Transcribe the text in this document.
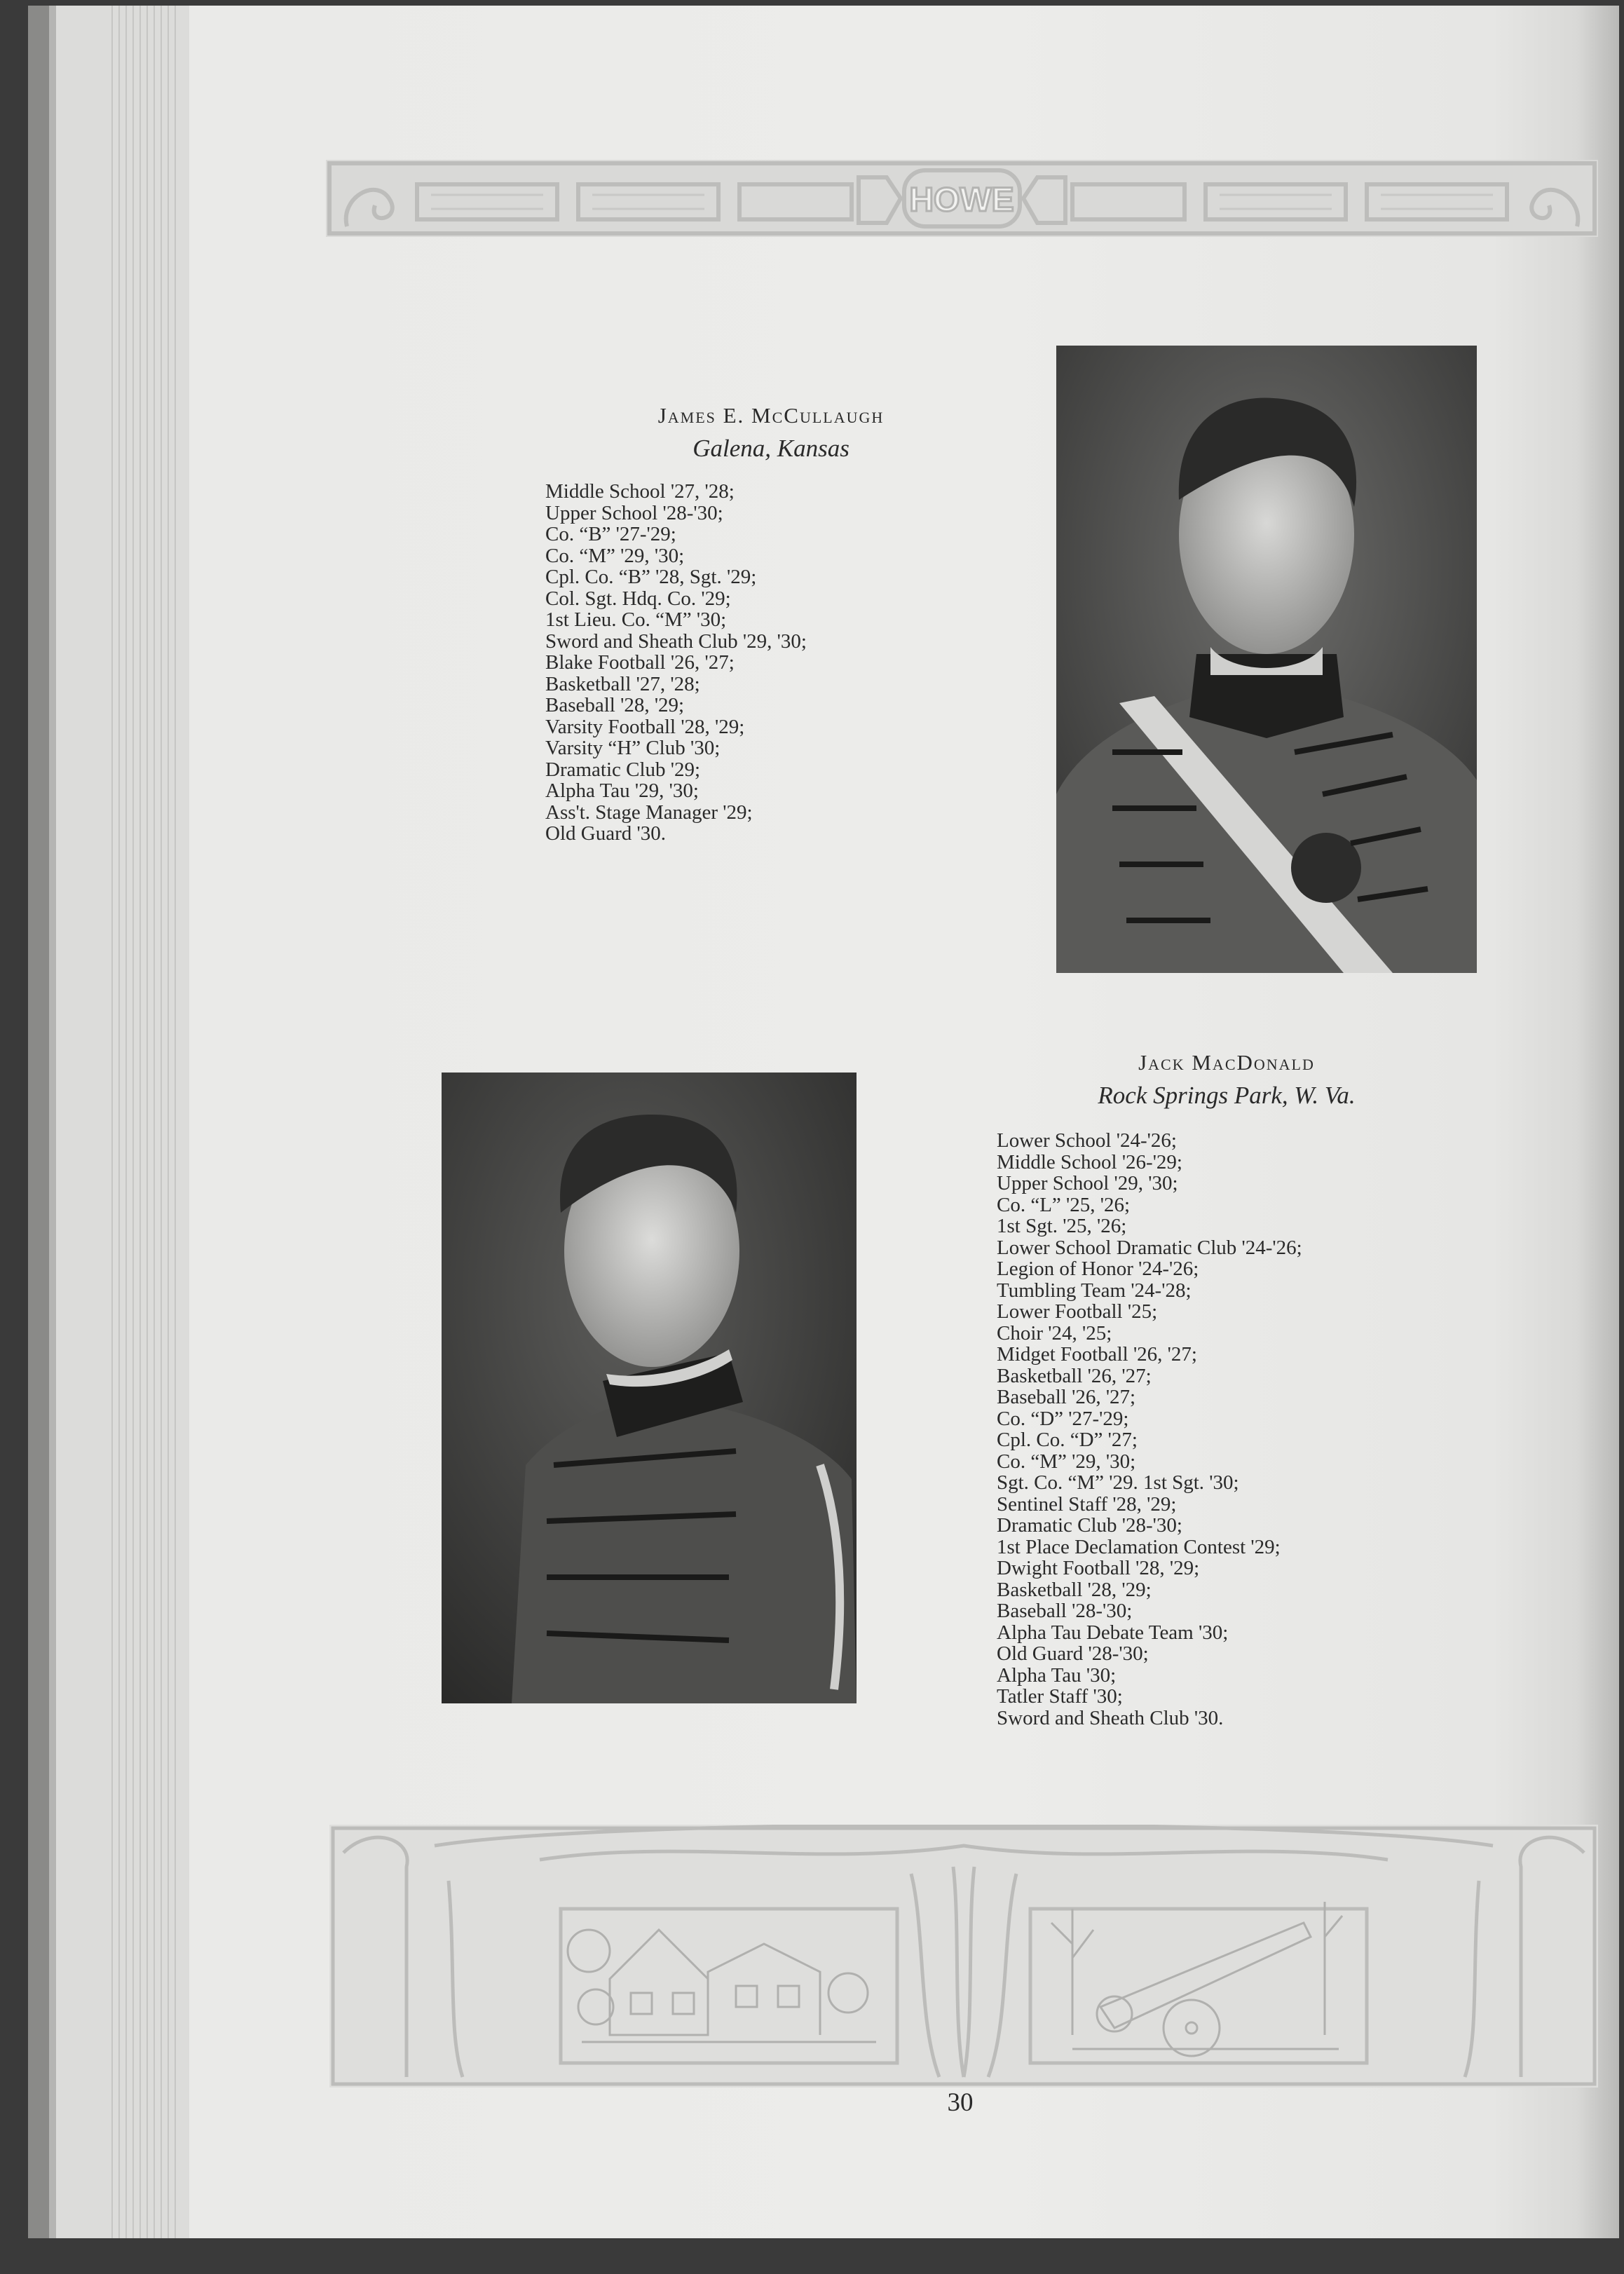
HOWE
James E. McCullaugh
Galena, Kansas
Middle School '27, '28;
Upper School '28-'30;
Co. “B” '27-'29;
Co. “M” '29, '30;
Cpl. Co. “B” '28, Sgt. '29;
Col. Sgt. Hdq. Co. '29;
1st Lieu. Co. “M” '30;
Sword and Sheath Club '29, '30;
Blake Football '26, '27;
Basketball '27, '28;
Baseball '28, '29;
Varsity Football '28, '29;
Varsity “H” Club '30;
Dramatic Club '29;
Alpha Tau '29, '30;
Ass't. Stage Manager '29;
Old Guard '30.
Jack MacDonald
Rock Springs Park, W. Va.
Lower School '24-'26;
Middle School '26-'29;
Upper School '29, '30;
Co. “L” '25, '26;
1st Sgt. '25, '26;
Lower School Dramatic Club '24-'26;
Legion of Honor '24-'26;
Tumbling Team '24-'28;
Lower Football '25;
Choir '24, '25;
Midget Football '26, '27;
Basketball '26, '27;
Baseball '26, '27;
Co. “D” '27-'29;
Cpl. Co. “D” '27;
Co. “M” '29, '30;
Sgt. Co. “M” '29. 1st Sgt. '30;
Sentinel Staff '28, '29;
Dramatic Club '28-'30;
1st Place Declamation Contest '29;
Dwight Football '28, '29;
Basketball '28, '29;
Baseball '28-'30;
Alpha Tau Debate Team '30;
Old Guard '28-'30;
Alpha Tau '30;
Tatler Staff '30;
Sword and Sheath Club '30.
30
